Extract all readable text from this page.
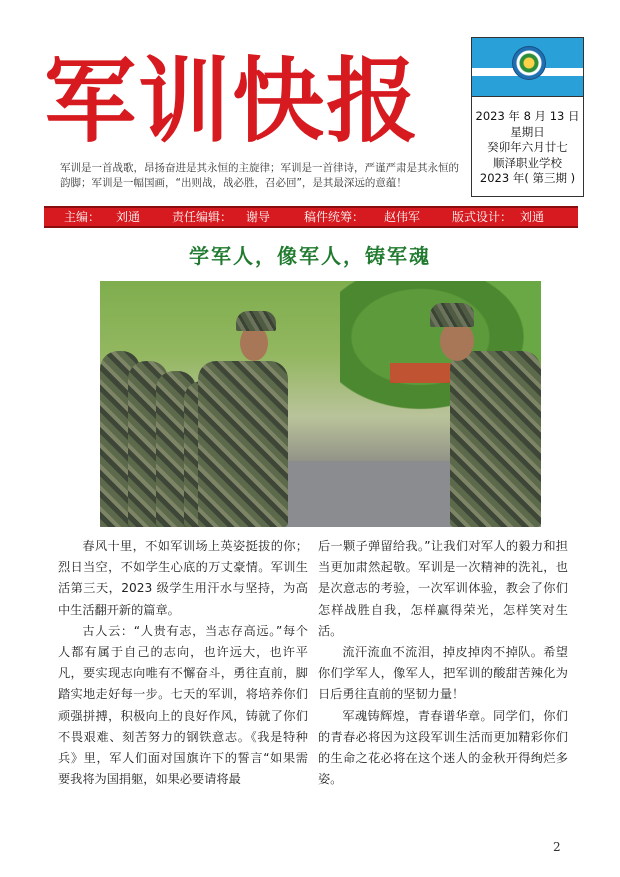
军训快报
军训是一首战歌，昂扬奋进是其永恒的主旋律；军训是一首律诗，严谨严肃是其永恒的韵脚；军训是一幅国画，“出则战，战必胜，召必回”，是其最深远的意蕴！
2023 年 8 月 13 日
星期日
癸卯年六月廿七
顺泽职业学校
2023 年( 第三期 )
主编： 刘通	责任编辑： 谢导	稿件统筹： 赵伟军	版式设计： 刘通
学军人，像军人，铸军魂

春风十里，不如军训场上英姿挺拔的你；烈日当空，不如学生心底的万丈豪情。军训生活第三天，2023 级学生用汗水与坚持，为高中生活翻开新的篇章。

古人云：“人贵有志，当志存高远。”每个人都有属于自己的志向，也许远大，也许平凡，要实现志向唯有不懈奋斗，勇往直前，脚踏实地走好每一步。七天的军训，将培养你们顽强拼搏，积极向上的良好作风，铸就了你们不畏艰难、刻苦努力的钢铁意志。《我是特种兵》里，军人们面对国旗许下的誓言“如果需要我将为国捐躯，如果必要请将最

后一颗子弹留给我。”让我们对军人的毅力和担当更加肃然起敬。军训是一次精神的洗礼，也是次意志的考验，一次军训体验，教会了你们怎样战胜自我，怎样赢得荣光，怎样笑对生活。

流汗流血不流泪，掉皮掉肉不掉队。希望你们学军人，像军人，把军训的酸甜苦辣化为日后勇往直前的坚韧力量！

军魂铸辉煌，青春谱华章。同学们，你们的青春必将因为这段军训生活而更加精彩你们的生命之花必将在这个迷人的金秋开得绚烂多姿。

2
